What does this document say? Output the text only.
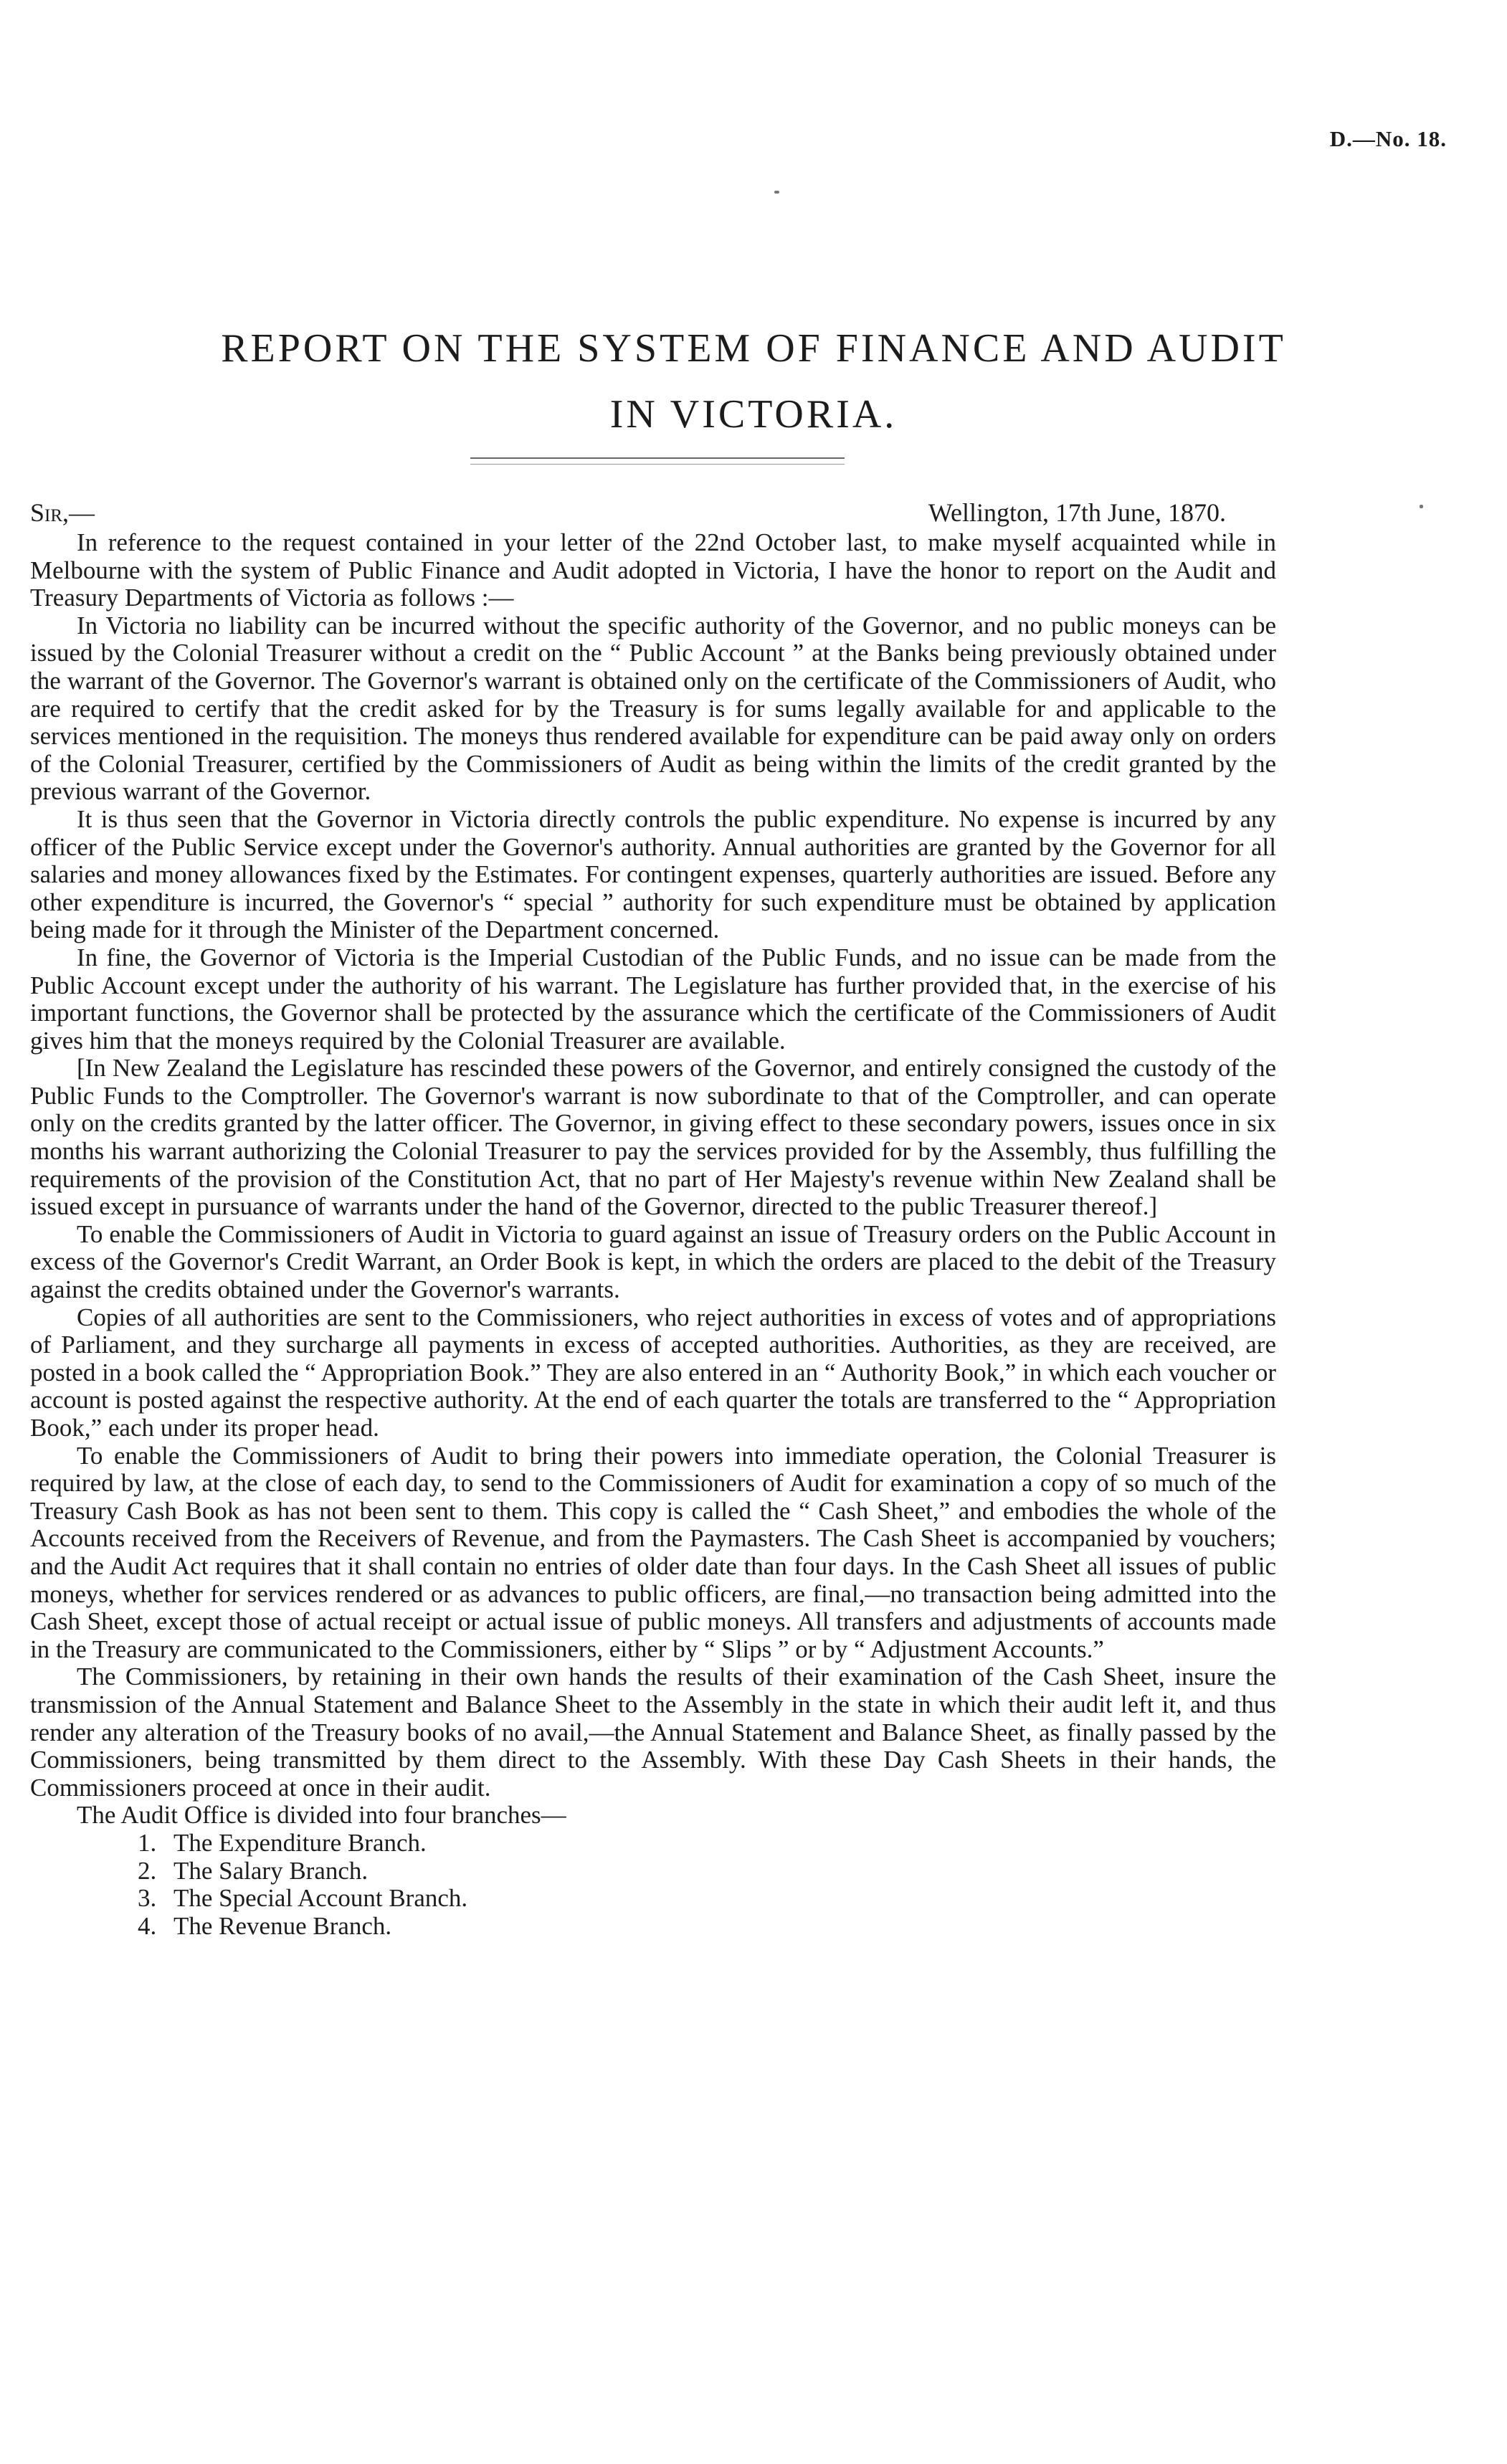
D.—No. 18.
REPORT ON THE SYSTEM OF FINANCE AND AUDIT
IN VICTORIA.
Sir,—	Wellington, 17th June, 1870.

In reference to the request contained in your letter of the 22nd October last, to make myself acquainted while in Melbourne with the system of Public Finance and Audit adopted in Victoria, I have the honor to report on the Audit and Treasury Departments of Victoria as follows :—

In Victoria no liability can be incurred without the specific authority of the Governor, and no public moneys can be issued by the Colonial Treasurer without a credit on the “ Public Account ” at the Banks being previously obtained under the warrant of the Governor. The Governor's warrant is obtained only on the certificate of the Commissioners of Audit, who are required to certify that the credit asked for by the Treasury is for sums legally available for and applicable to the services mentioned in the requisition. The moneys thus rendered available for expenditure can be paid away only on orders of the Colonial Treasurer, certified by the Commissioners of Audit as being within the limits of the credit granted by the previous warrant of the Governor.

It is thus seen that the Governor in Victoria directly controls the public expenditure. No expense is incurred by any officer of the Public Service except under the Governor's authority. Annual authorities are granted by the Governor for all salaries and money allowances fixed by the Estimates. For contingent expenses, quarterly authorities are issued. Before any other expenditure is incurred, the Governor's “ special ” authority for such expenditure must be obtained by application being made for it through the Minister of the Department concerned.

In fine, the Governor of Victoria is the Imperial Custodian of the Public Funds, and no issue can be made from the Public Account except under the authority of his warrant. The Legislature has further provided that, in the exercise of his important functions, the Governor shall be protected by the assurance which the certificate of the Commissioners of Audit gives him that the moneys required by the Colonial Treasurer are available.

[In New Zealand the Legislature has rescinded these powers of the Governor, and entirely consigned the custody of the Public Funds to the Comptroller. The Governor's warrant is now subordinate to that of the Comptroller, and can operate only on the credits granted by the latter officer. The Governor, in giving effect to these secondary powers, issues once in six months his warrant authorizing the Colonial Treasurer to pay the services provided for by the Assembly, thus fulfilling the requirements of the provision of the Constitution Act, that no part of Her Majesty's revenue within New Zealand shall be issued except in pursuance of warrants under the hand of the Governor, directed to the public Treasurer thereof.]

To enable the Commissioners of Audit in Victoria to guard against an issue of Treasury orders on the Public Account in excess of the Governor's Credit Warrant, an Order Book is kept, in which the orders are placed to the debit of the Treasury against the credits obtained under the Governor's warrants.

Copies of all authorities are sent to the Commissioners, who reject authorities in excess of votes and of appropriations of Parliament, and they surcharge all payments in excess of accepted authorities. Authorities, as they are received, are posted in a book called the “ Appropriation Book.” They are also entered in an “ Authority Book,” in which each voucher or account is posted against the respective authority. At the end of each quarter the totals are transferred to the “ Appropriation Book,” each under its proper head.

To enable the Commissioners of Audit to bring their powers into immediate operation, the Colonial Treasurer is required by law, at the close of each day, to send to the Commissioners of Audit for examination a copy of so much of the Treasury Cash Book as has not been sent to them. This copy is called the “ Cash Sheet,” and embodies the whole of the Accounts received from the Receivers of Revenue, and from the Paymasters. The Cash Sheet is accompanied by vouchers; and the Audit Act requires that it shall contain no entries of older date than four days. In the Cash Sheet all issues of public moneys, whether for services rendered or as advances to public officers, are final,—no transaction being admitted into the Cash Sheet, except those of actual receipt or actual issue of public moneys. All transfers and adjustments of accounts made in the Treasury are communicated to the Commissioners, either by “ Slips ” or by “ Adjustment Accounts.”

The Commissioners, by retaining in their own hands the results of their examination of the Cash Sheet, insure the transmission of the Annual Statement and Balance Sheet to the Assembly in the state in which their audit left it, and thus render any alteration of the Treasury books of no avail,—the Annual Statement and Balance Sheet, as finally passed by the Commissioners, being transmitted by them direct to the Assembly. With these Day Cash Sheets in their hands, the Commissioners proceed at once in their audit.

The Audit Office is divided into four branches—

1. The Expenditure Branch.
2. The Salary Branch.
3. The Special Account Branch.
4. The Revenue Branch.
